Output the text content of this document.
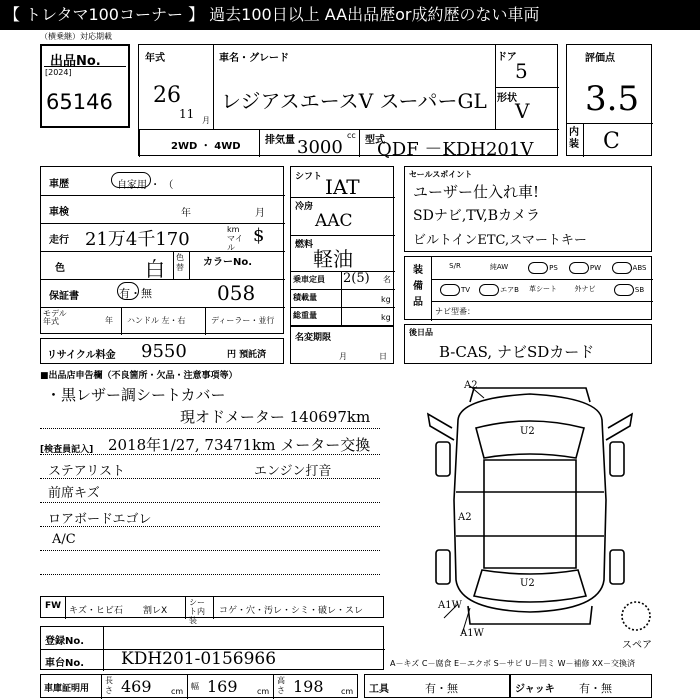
【 トレタマ100コーナー 】 過去100日以上 AA出品歴or成約歴のない車両
（横乗継）対応期載
出品No.
[2024]
65146
年式
26
11 月
車名・グレード
レジアスエースV スーパーGL
ドア
5
形状
V
2WD ・ 4WD
排気量	cc
3000 型式
QDF －KDH201V
評価点
3.5
内装 C
車歴	自家用 ・ （
車検	年	月
走行 21万4千170	km マイル
$
色	白 色替 カラーNo.
058
保証書	有・無
モデル年式	年 ハンドル 左・右	ディーラー・並行
リサイクル料金 9550	円 預託済
シフト IAT
冷房
AAC
燃料
軽油
乗車定員 2(5) 名
積載量	kg
総重量	kg
名変期限
月	日
セールスポイント
ユーザー仕入れ車!
SDナビ,TV,Bカメラ
ビルトインETC,スマートキー
装備品
S/R	純AW	PS	PW	ABS
TV	エアB	革シート	外ナビ	SB
ナビ型番：
後日品
B-CAS, ナビSDカード
■出品店申告欄（不良箇所・欠品・注意事項等）
・黒レザー調シートカバー
現オドメーター 140697km
[検査員記入] 2018年1/27, 73471km メーター交換
エンジン打音
ステアリスト
前席キズ
ロアボードエゴレ
A/C
A2
U2
A2
U2
A1W
A1W
スペア
FW キズ・ヒビ石 割レX
シート内装
コゲ・穴・汚レ・シミ・破レ・スレ
登録No.
車台No. KDH201-0156966	A－キズ C－腐食 E－エクボ S－サビ U－凹ミ W－補修 XX－交換済
車庫証明用
長さ 469 cm
幅 169 cm
高さ 198 cm 工具	有・無	ジャッキ 有・無
